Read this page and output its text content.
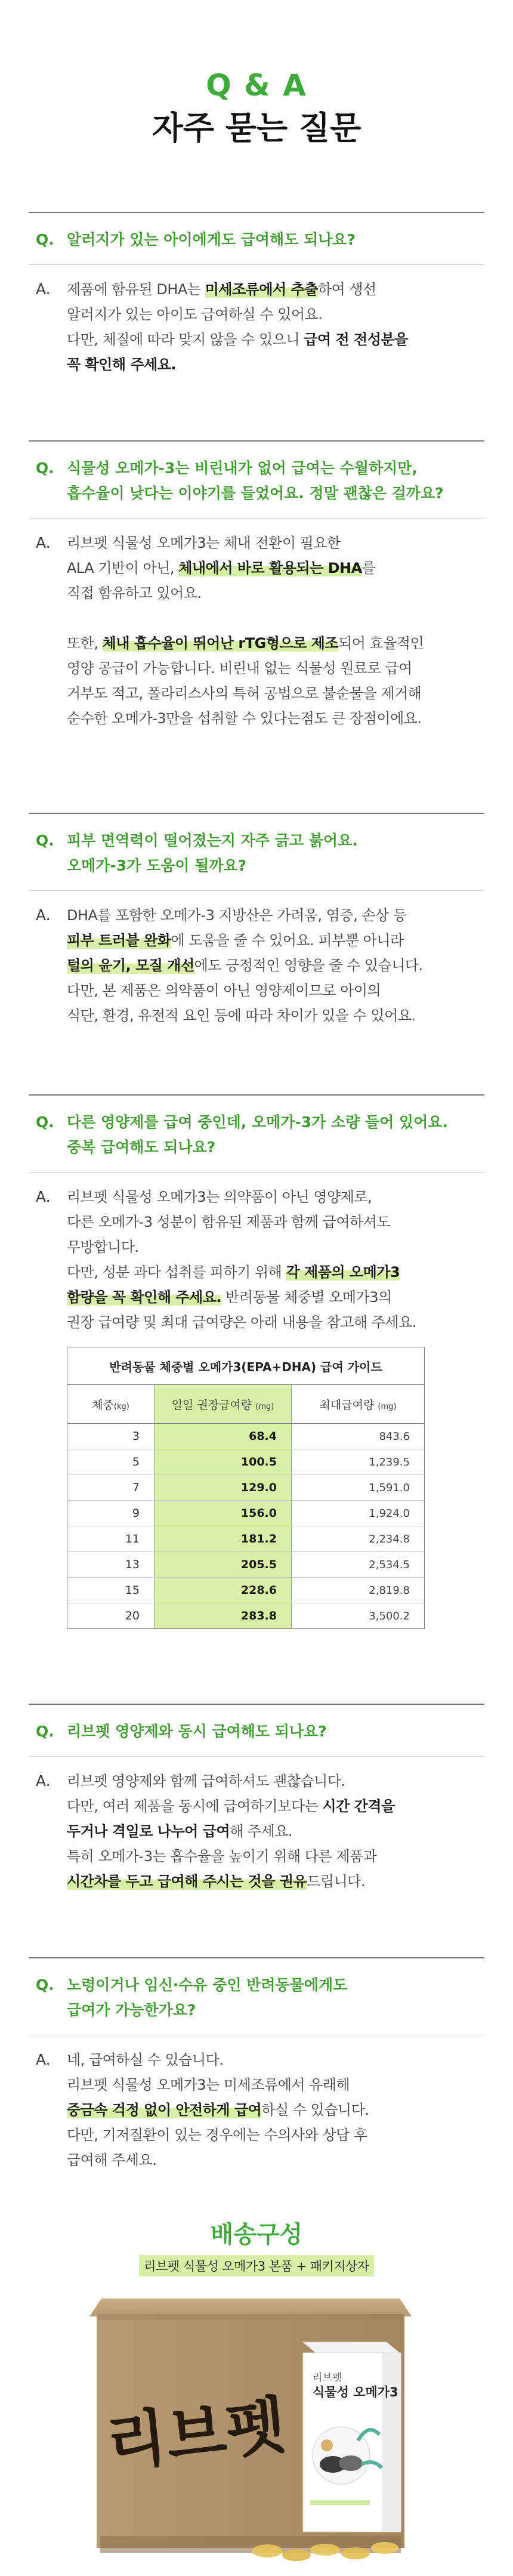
Q & A
자주 묻는 질문
Q. 알러지가 있는 아이에게도 급여해도 되나요?
A.	제품에 함유된 DHA는 미세조류에서 추출하여 생선
알러지가 있는 아이도 급여하실 수 있어요.
다만, 체질에 따라 맞지 않을 수 있으니 급여 전 전성분을
꼭 확인해 주세요.
Q. 식물성 오메가-3는 비린내가 없어 급여는 수월하지만,
흡수율이 낮다는 이야기를 들었어요. 정말 괜찮은 걸까요?
A.	리브펫 식물성 오메가3는 체내 전환이 필요한
ALA 기반이 아닌, 체내에서 바로 활용되는 DHA를
직접 함유하고 있어요.
또한, 체내 흡수율이 뛰어난 rTG형으로 제조되어 효율적인
영양 공급이 가능합니다. 비린내 없는 식물성 원료로 급여
거부도 적고, 폴라리스사의 특허 공법으로 불순물을 제거해
순수한 오메가-3만을 섭취할 수 있다는점도 큰 장점이에요.
Q. 피부 면역력이 떨어졌는지 자주 긁고 붉어요.
오메가-3가 도움이 될까요?
A.	DHA를 포함한 오메가-3 지방산은 가려움, 염증, 손상 등
피부 트러블 완화에 도움을 줄 수 있어요. 피부뿐 아니라
털의 윤기, 모질 개선에도 긍정적인 영향을 줄 수 있습니다.
다만, 본 제품은 의약품이 아닌 영양제이므로 아이의
식단, 환경, 유전적 요인 등에 따라 차이가 있을 수 있어요.
Q. 다른 영양제를 급여 중인데, 오메가-3가 소량 들어 있어요.
중복 급여해도 되나요?
A.	리브펫 식물성 오메가3는 의약품이 아닌 영양제로,
다른 오메가-3 성분이 함유된 제품과 함께 급여하셔도
무방합니다.
다만, 성분 과다 섭취를 피하기 위해 각 제품의 오메가3
함량을 꼭 확인해 주세요. 반려동물 체중별 오메가3의
권장 급여량 및 최대 급여량은 아래 내용을 참고해 주세요.
반려동물 체중별 오메가3(EPA+DHA) 급여 가이드		
체중(kg)	일일 권장급여량 (mg)	최대급여량 (mg)
3	68.4	843.6
5	100.5	1,239.5
7	129.0	1,591.0
9	156.0	1,924.0
11	181.2	2,234.8
13	205.5	2,534.5
15	228.6	2,819.8
20	283.8	3,500.2
Q. 리브펫 영양제와 동시 급여해도 되나요?
A.	리브펫 영양제와 함께 급여하셔도 괜찮습니다.
다만, 여러 제품을 동시에 급여하기보다는 시간 간격을
두거나 격일로 나누어 급여해 주세요.
특히 오메가-3는 흡수율을 높이기 위해 다른 제품과
시간차를 두고 급여해 주시는 것을 권유드립니다.
Q. 노령이거나 임신·수유 중인 반려동물에게도
급여가 가능한가요?
A.	네, 급여하실 수 있습니다.
리브펫 식물성 오메가3는 미세조류에서 유래해
중금속 걱정 없이 안전하게 급여하실 수 있습니다.
다만, 기저질환이 있는 경우에는 수의사와 상담 후
급여해 주세요.
배송구성
리브펫 식물성 오메가3 본품 + 패키지상자
리브펫
리브펫
식물성 오메가3
